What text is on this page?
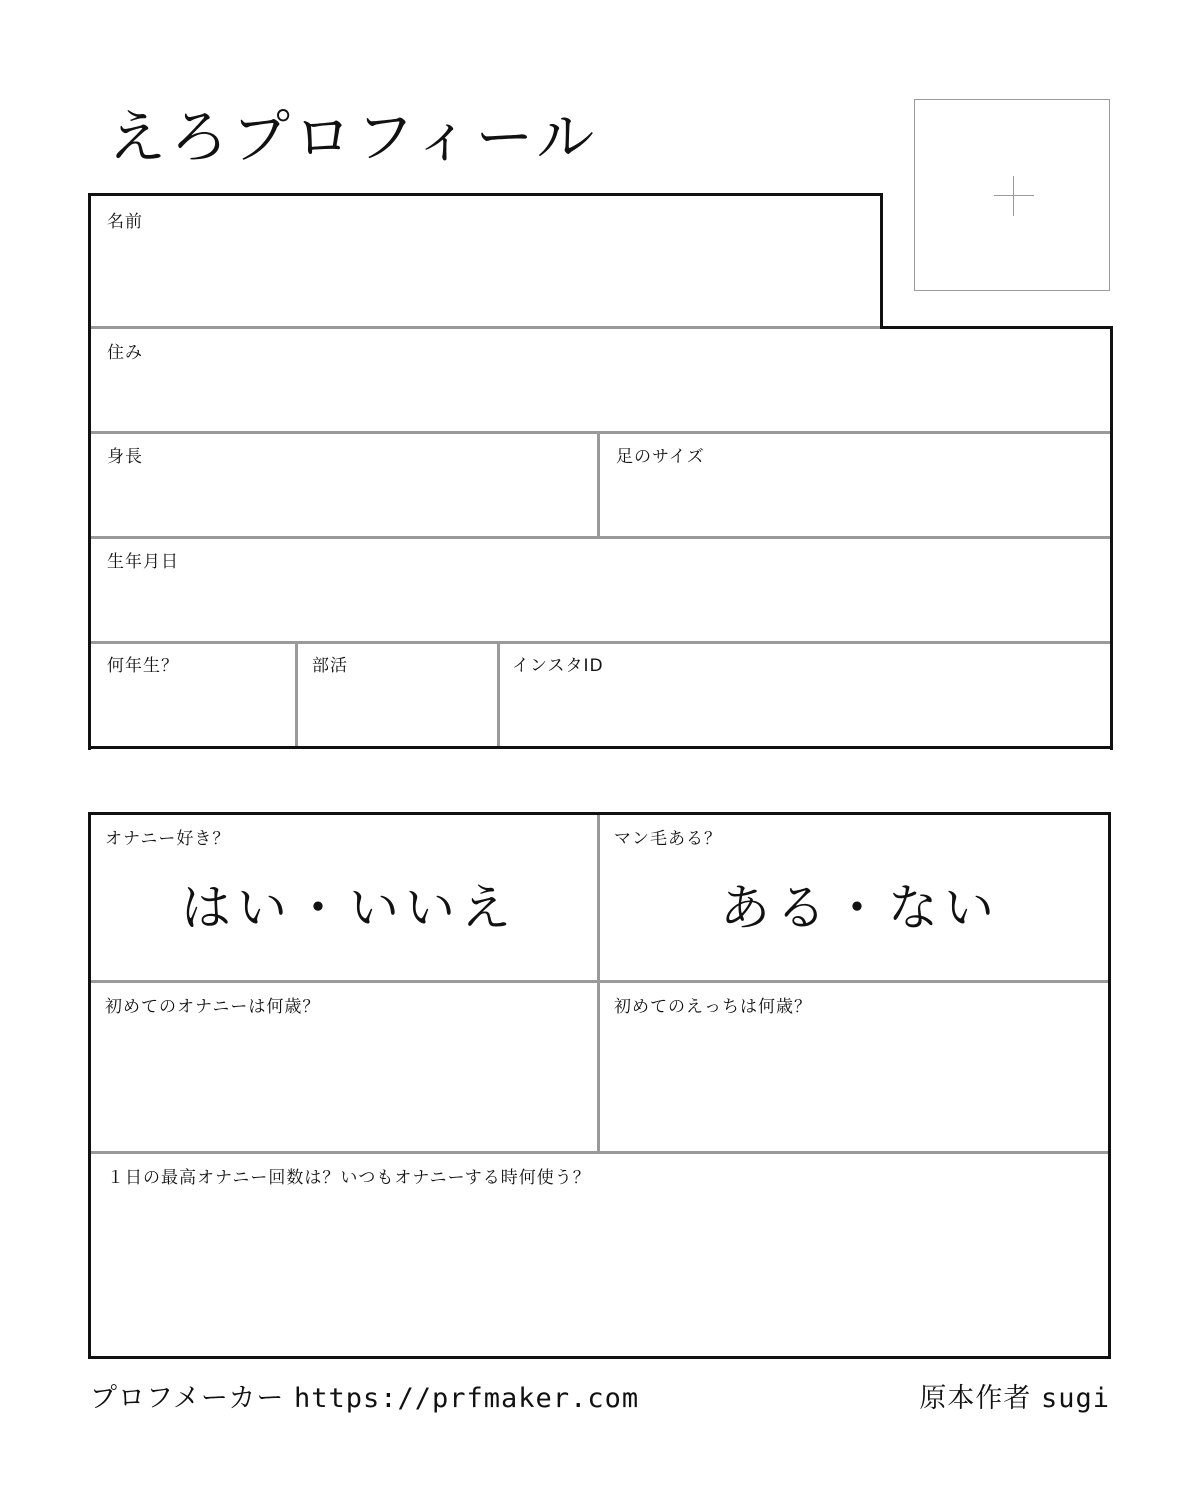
えろプロフィール
名前
住み
身長	足のサイズ
生年月日
何年生？	部活	インスタID
オナニー好き？
はい・いいえ
マン毛ある？
ある・ない
初めてのオナニーは何歳？	初めてのえっちは何歳？
１日の最高オナニー回数は？いつもオナニーする時何使う？
プロフメーカー https://prfmaker.com	原本作者 sugi
